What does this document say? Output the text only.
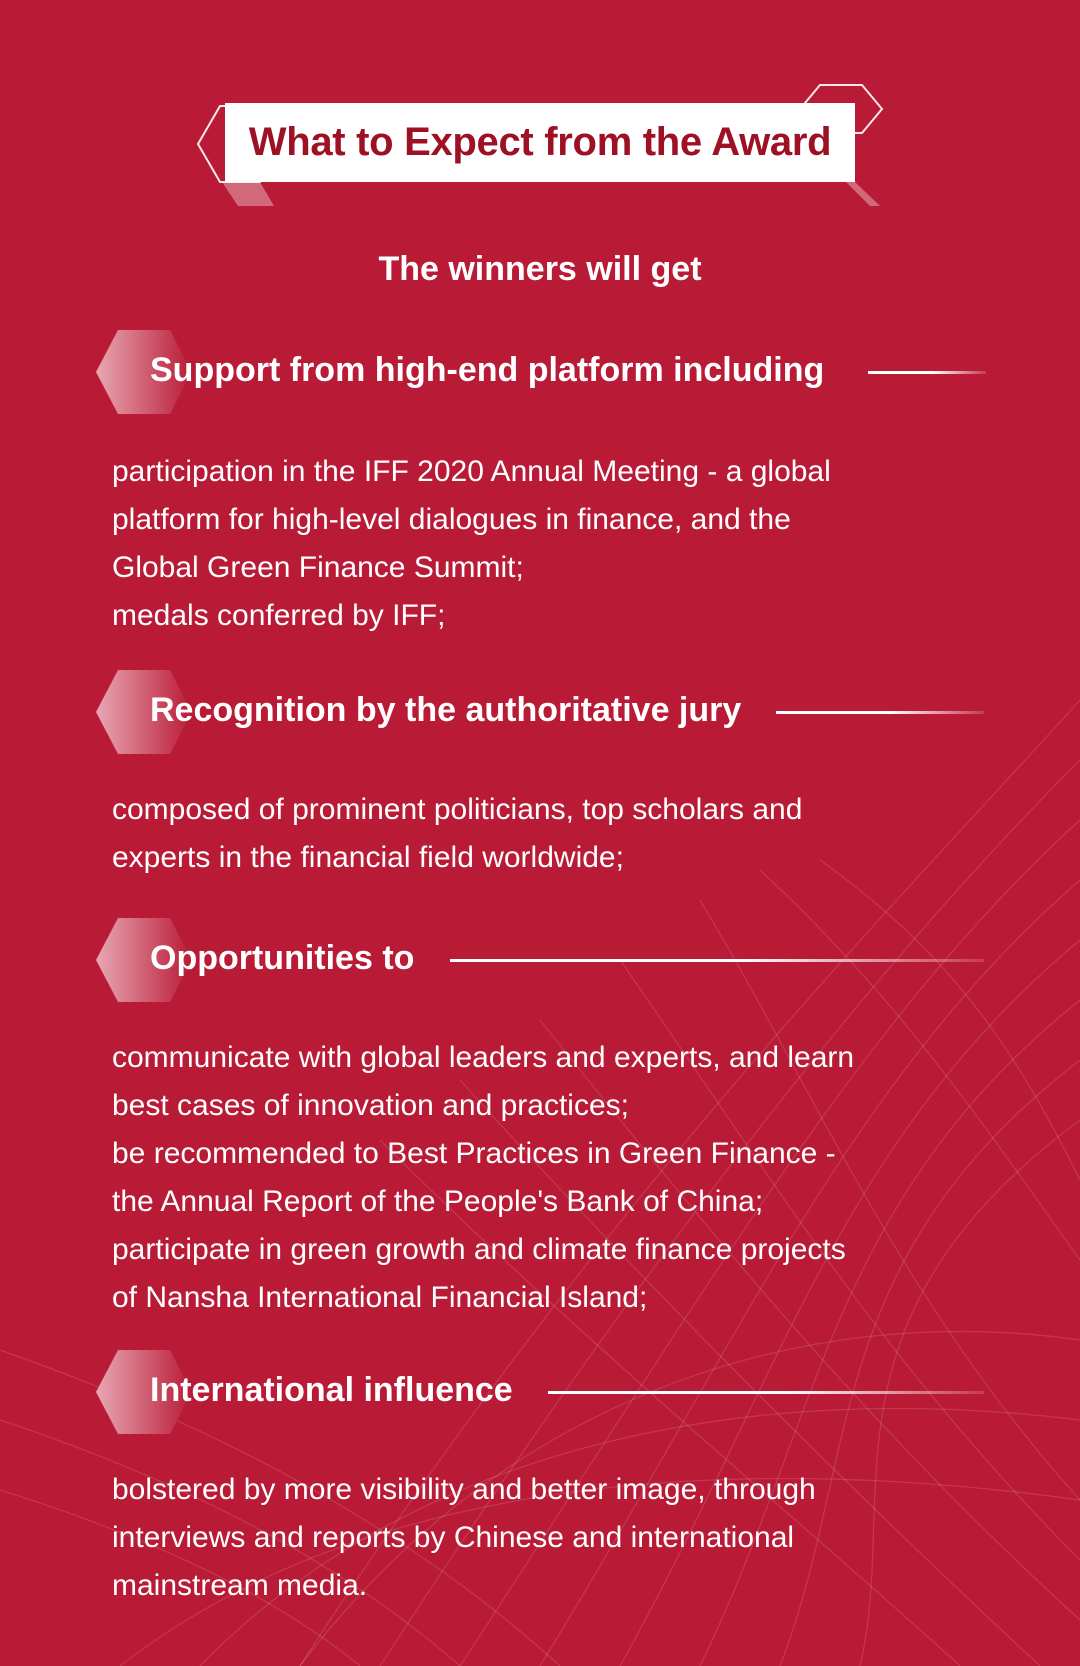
What to Expect from the Award
The winners will get
Support from high-end platform including

participation in the IFF 2020 Annual Meeting - a global

platform for high-level dialogues in finance, and the

Global Green Finance Summit;

medals conferred by IFF;

Recognition by the authoritative jury

composed of prominent politicians, top scholars and

experts in the financial field worldwide;

Opportunities to

communicate with global leaders and experts, and learn

best cases of innovation and practices;

be recommended to Best Practices in Green Finance -

the Annual Report of the People's Bank of China;

participate in green growth and climate finance projects

of Nansha International Financial Island;

International influence

bolstered by more visibility and better image, through

interviews and reports by Chinese and international

mainstream media.
